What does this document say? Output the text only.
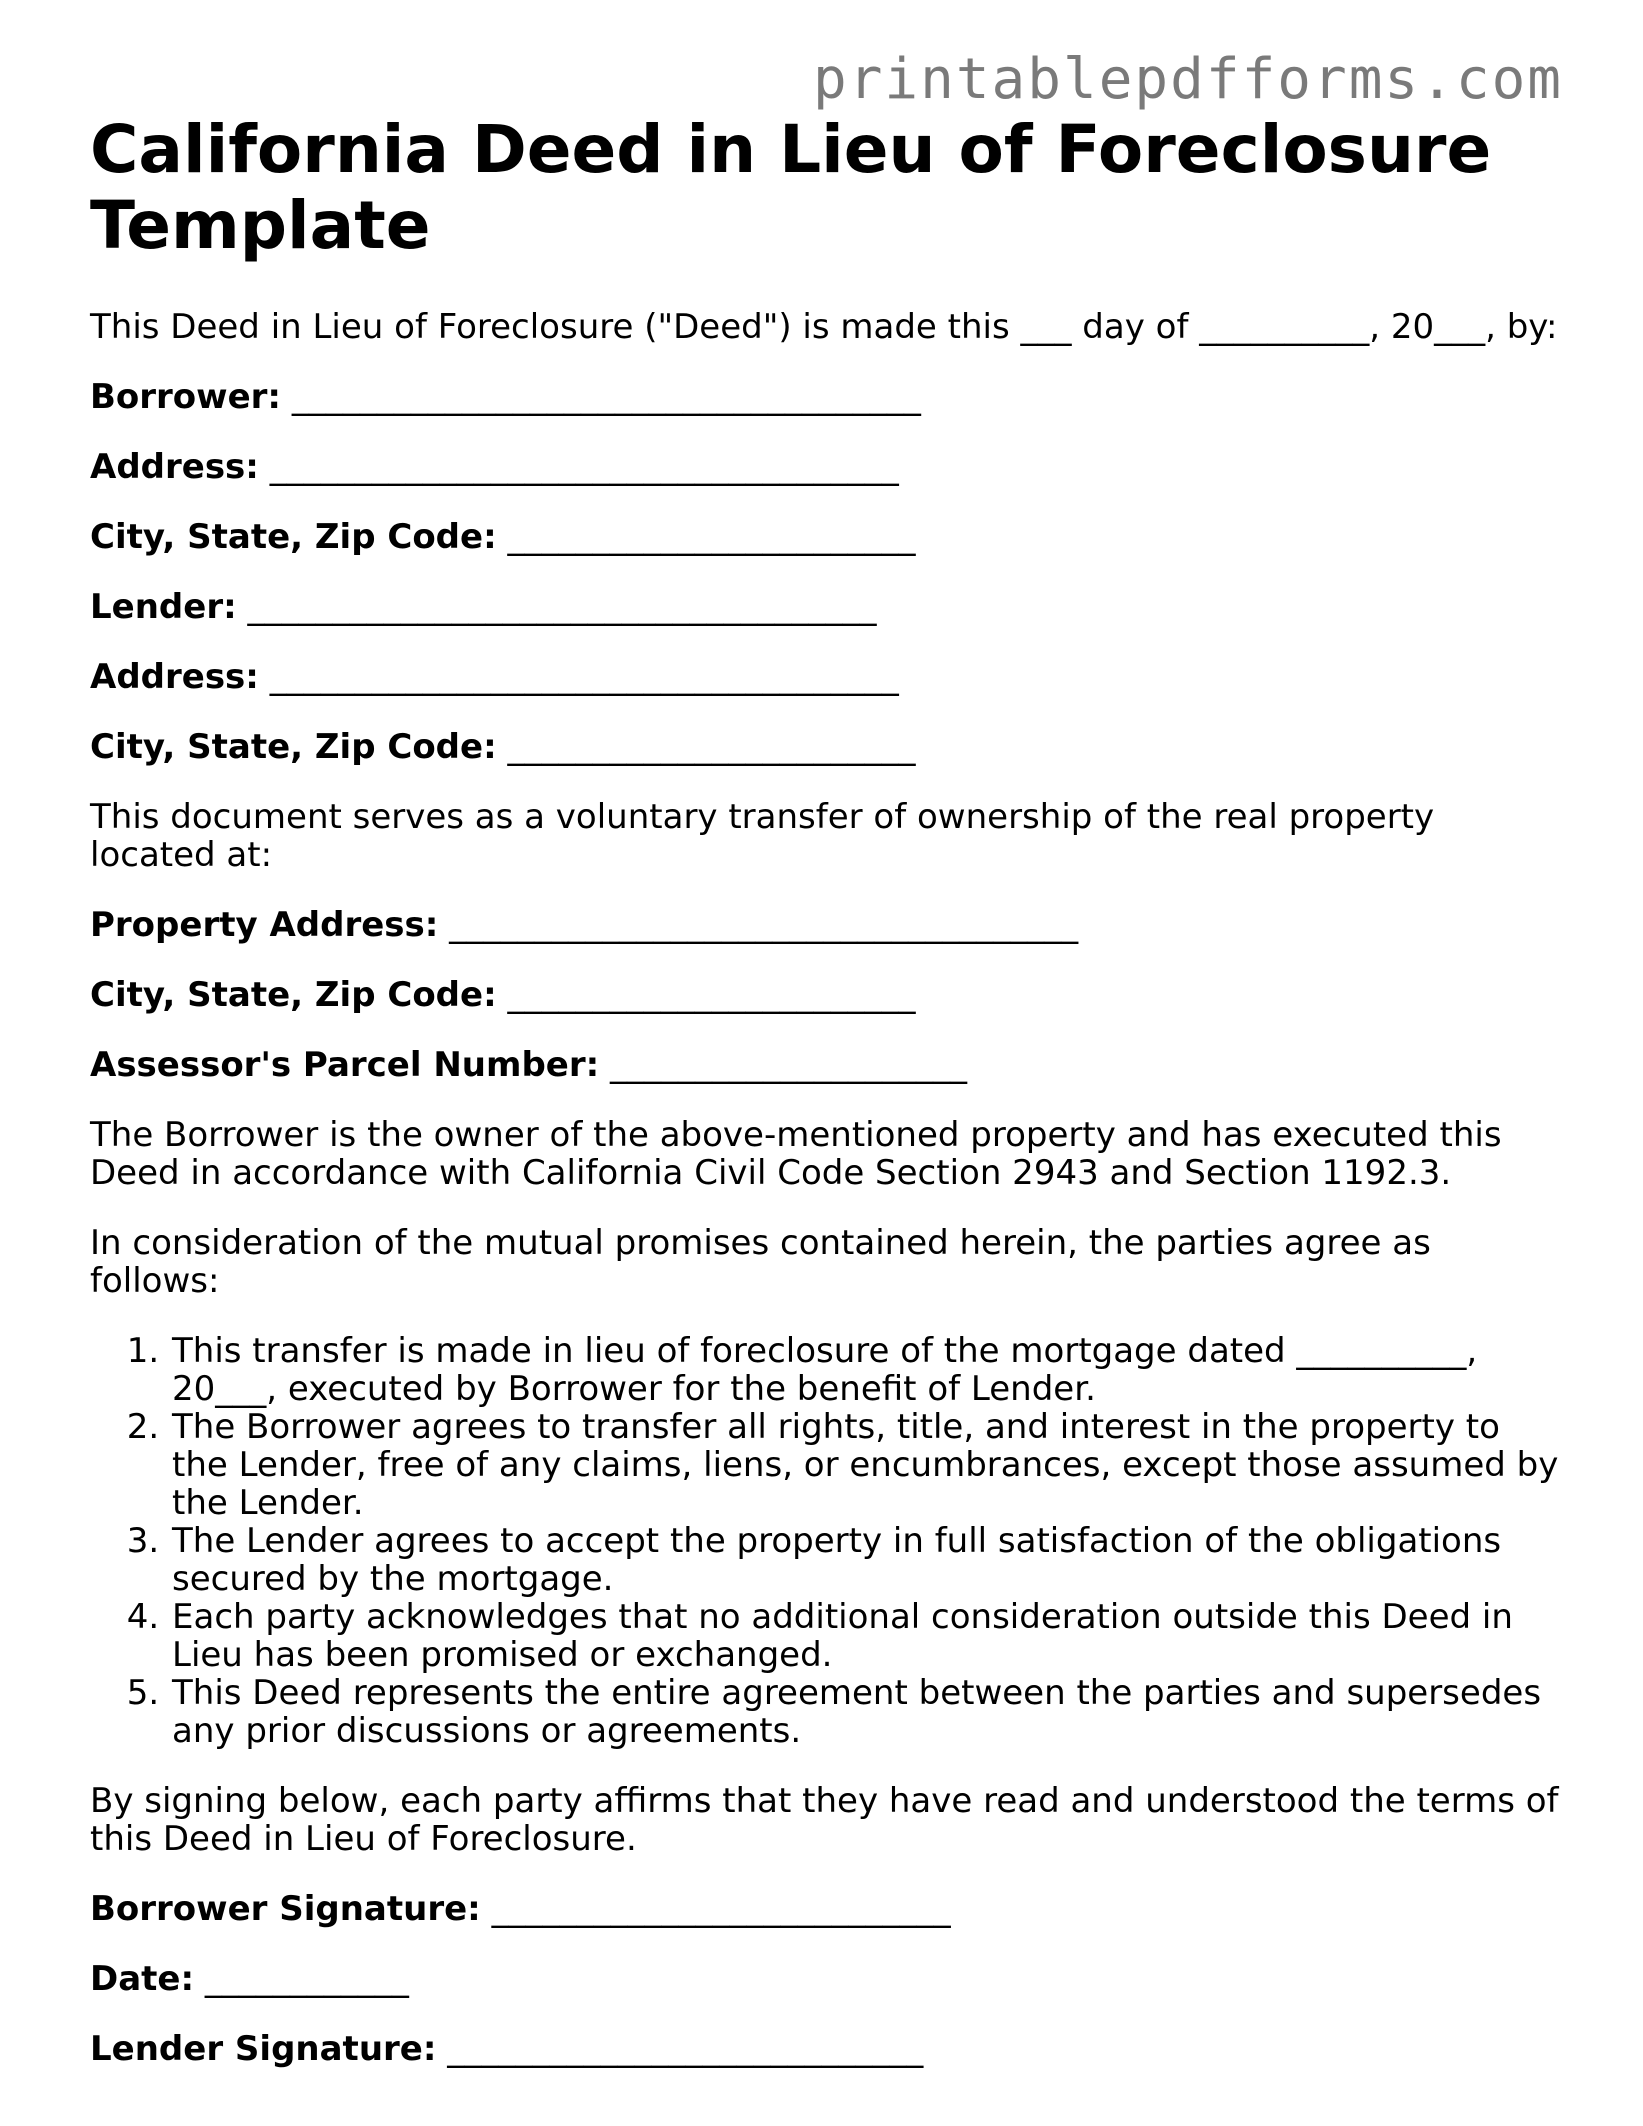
printablepdfforms.com
California Deed in Lieu of Foreclosure Template

This Deed in Lieu of Foreclosure ("Deed") is made this ___ day of __________, 20___, by:

Borrower: _____________________________________

Address: _____________________________________

City, State, Zip Code: ________________________

Lender: _____________________________________

Address: _____________________________________

City, State, Zip Code: ________________________

This document serves as a voluntary transfer of ownership of the real property located at:

Property Address: _____________________________________

City, State, Zip Code: ________________________

Assessor's Parcel Number: _____________________

The Borrower is the owner of the above-mentioned property and has executed this Deed in accordance with California Civil Code Section 2943 and Section 1192.3.

In consideration of the mutual promises contained herein, the parties agree as follows:

1. This transfer is made in lieu of foreclosure of the mortgage dated __________, 20___, executed by Borrower for the benefit of Lender.
2. The Borrower agrees to transfer all rights, title, and interest in the property to the Lender, free of any claims, liens, or encumbrances, except those assumed by the Lender.
3. The Lender agrees to accept the property in full satisfaction of the obligations secured by the mortgage.
4. Each party acknowledges that no additional consideration outside this Deed in Lieu has been promised or exchanged.
5. This Deed represents the entire agreement between the parties and supersedes any prior discussions or agreements.

By signing below, each party affirms that they have read and understood the terms of this Deed in Lieu of Foreclosure.

Borrower Signature: ___________________________

Date: ____________

Lender Signature: ____________________________
